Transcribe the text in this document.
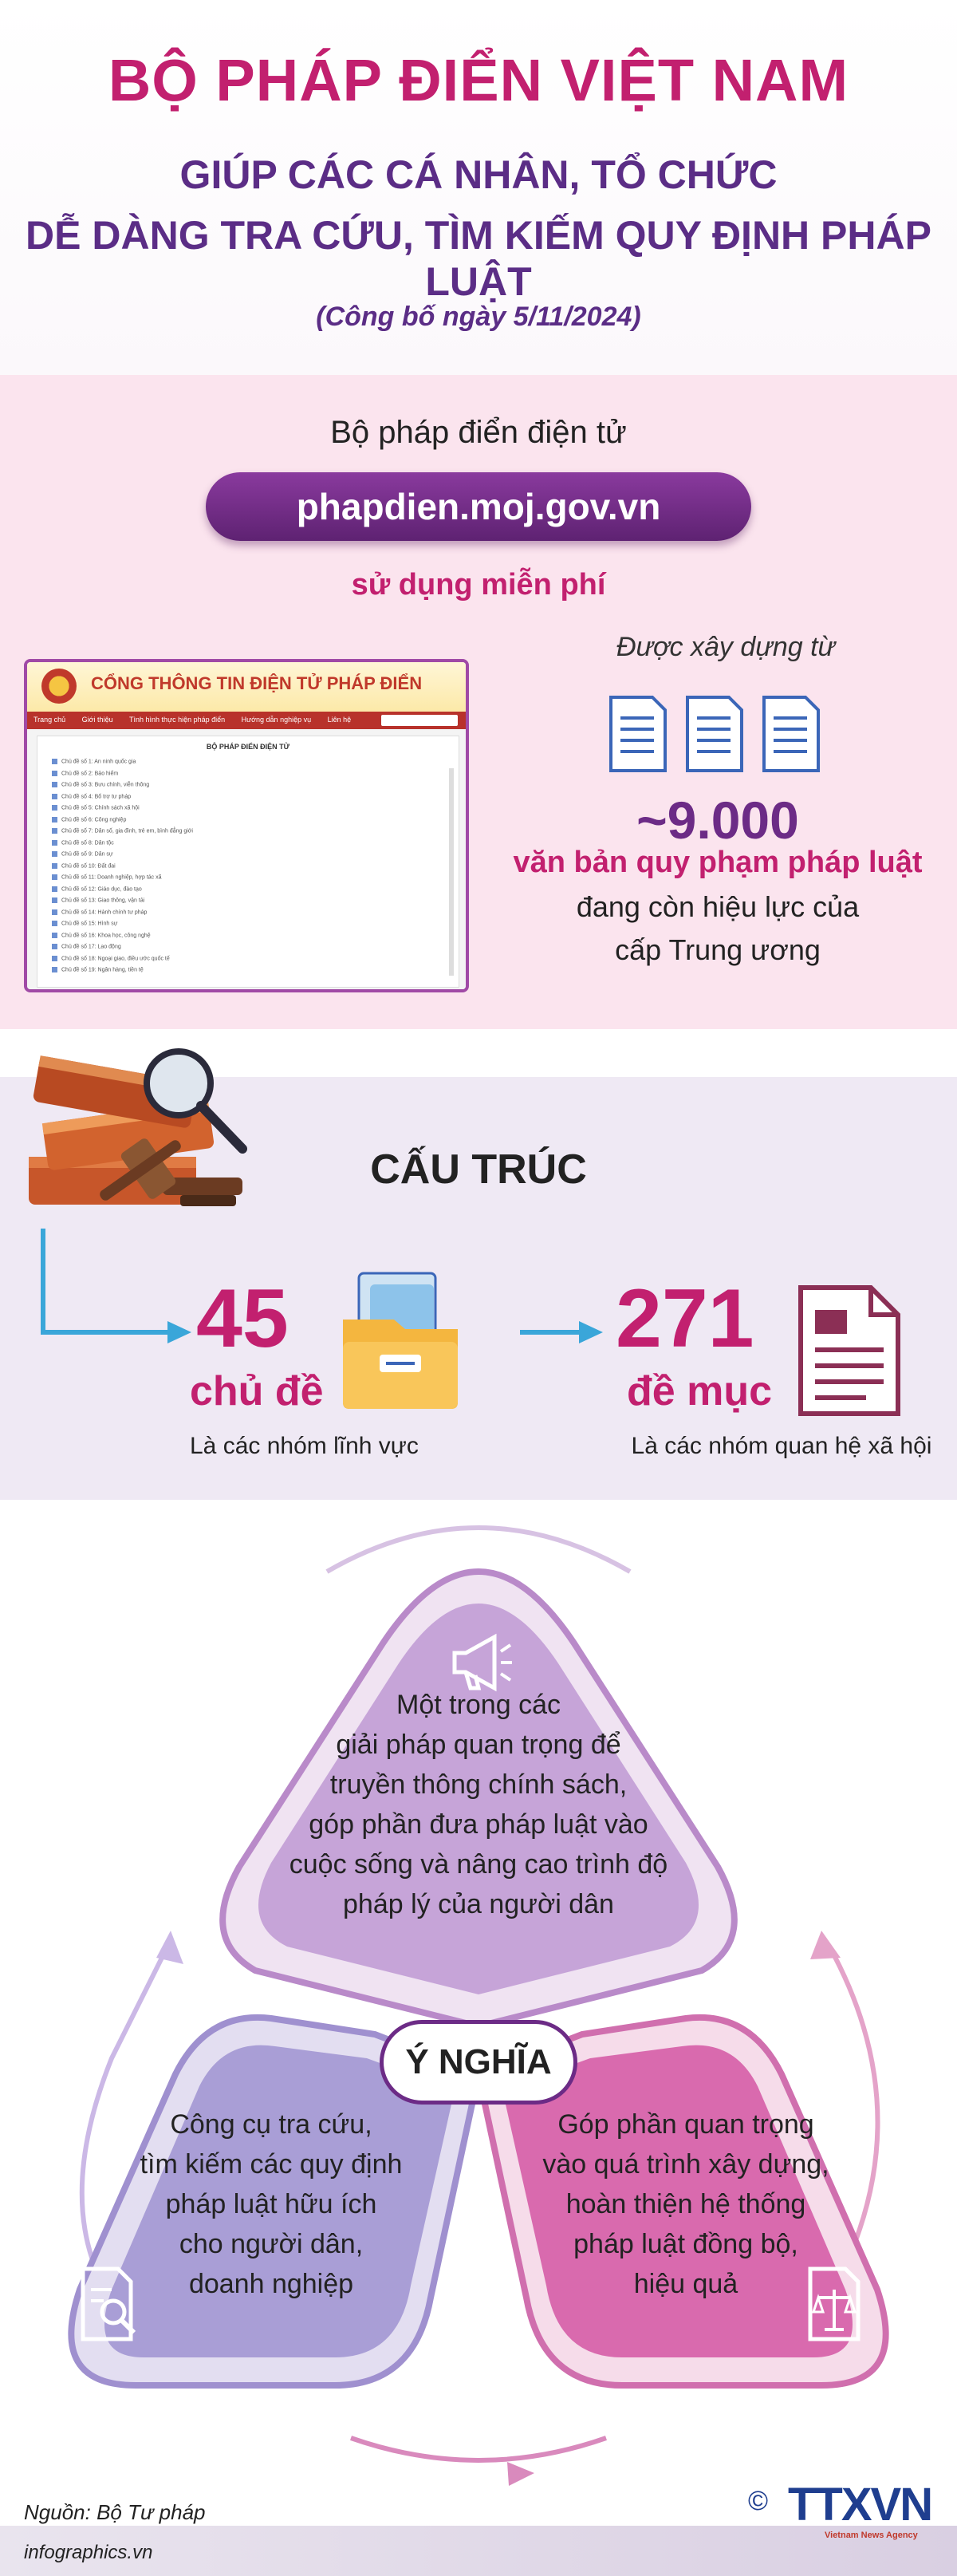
BỘ PHÁP ĐIỂN VIỆT NAM
GIÚP CÁC CÁ NHÂN, TỔ CHỨC
DỄ DÀNG TRA CỨU, TÌM KIẾM QUY ĐỊNH PHÁP LUẬT
(Công bố ngày 5/11/2024)
Bộ pháp điển điện tử
phapdien.moj.gov.vn
sử dụng miễn phí
CỔNG THÔNG TIN ĐIỆN TỬ PHÁP ĐIỂN
Trang chủ Giới thiệu Tình hình thực hiện pháp điển Hướng dẫn nghiệp vụ Liên hệ
BỘ PHÁP ĐIỂN ĐIỆN TỬ
Chủ đề số 1: An ninh quốc gia
Chủ đề số 2: Bảo hiểm
Chủ đề số 3: Bưu chính, viễn thông
Chủ đề số 4: Bổ trợ tư pháp
Chủ đề số 5: Chính sách xã hội
Chủ đề số 6: Công nghiệp
Chủ đề số 7: Dân số, gia đình, trẻ em, bình đẳng giới
Chủ đề số 8: Dân tộc
Chủ đề số 9: Dân sự
Chủ đề số 10: Đất đai
Chủ đề số 11: Doanh nghiệp, hợp tác xã
Chủ đề số 12: Giáo dục, đào tạo
Chủ đề số 13: Giao thông, vận tải
Chủ đề số 14: Hành chính tư pháp
Chủ đề số 15: Hình sự
Chủ đề số 16: Khoa học, công nghệ
Chủ đề số 17: Lao động
Chủ đề số 18: Ngoại giao, điều ước quốc tế
Chủ đề số 19: Ngân hàng, tiền tệ
Được xây dựng từ
~9.000
văn bản quy phạm pháp luật
đang còn hiệu lực của
cấp Trung ương
CẤU TRÚC
45
chủ đề
Là các nhóm lĩnh vực
271
đề mục
Là các nhóm quan hệ xã hội
Một trong các
giải pháp quan trọng để
truyền thông chính sách,
góp phần đưa pháp luật vào
cuộc sống và nâng cao trình độ
pháp lý của người dân
Ý NGHĨA
Công cụ tra cứu,
tìm kiếm các quy định
pháp luật hữu ích
cho người dân,
doanh nghiệp
Góp phần quan trọng
vào quá trình xây dựng,
hoàn thiện hệ thống
pháp luật đồng bộ,
hiệu quả
Nguồn: Bộ Tư pháp
infographics.vn
© TTXVN
Vietnam News Agency
